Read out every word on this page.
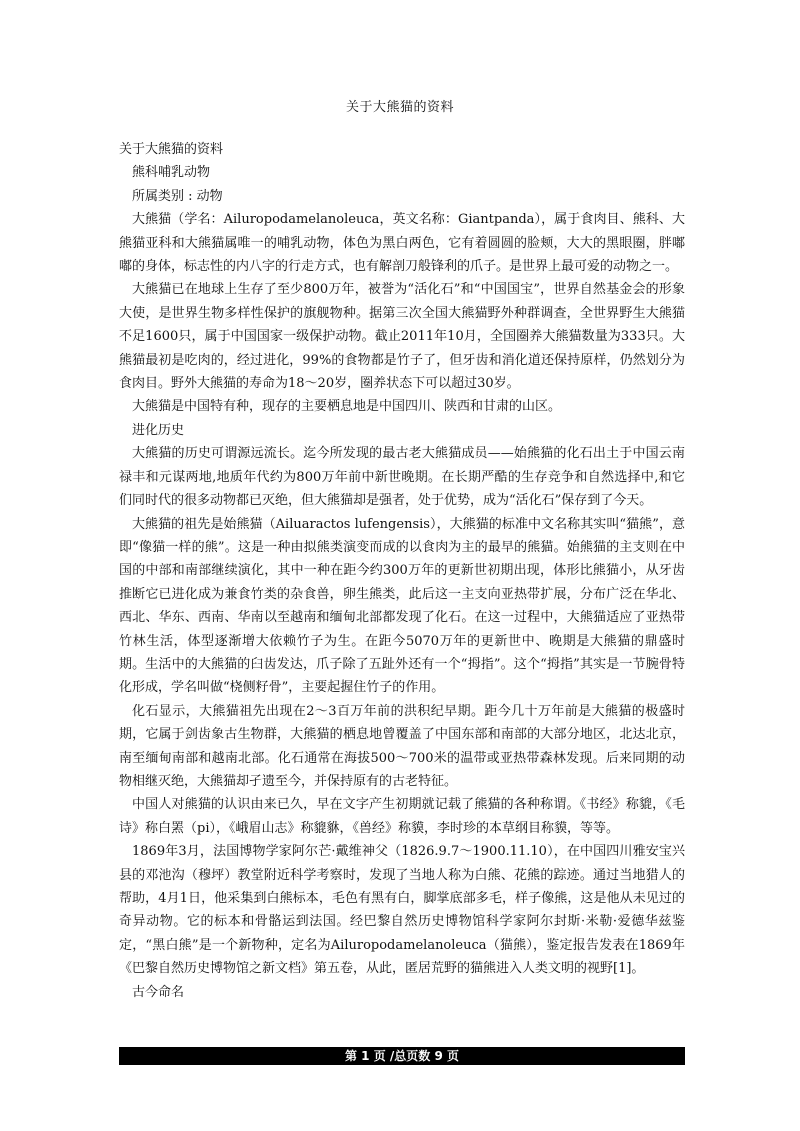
关于大熊猫的资料

关于大熊猫的资料

熊科哺乳动物

所属类别 : 动物

大熊猫（学名：Ailuropodamelanoleuca，英文名称：Giantpanda），属于食肉目、熊科、大熊猫亚科和大熊猫属唯一的哺乳动物，体色为黑白两色，它有着圆圆的脸颊，大大的黑眼圈，胖嘟嘟的身体，标志性的内八字的行走方式，也有解剖刀般锋利的爪子。是世界上最可爱的动物之一。

大熊猫已在地球上生存了至少800万年，被誉为“活化石”和“中国国宝”，世界自然基金会的形象大使，是世界生物多样性保护的旗舰物种。据第三次全国大熊猫野外种群调查，全世界野生大熊猫不足1600只，属于中国国家一级保护动物。截止2011年10月，全国圈养大熊猫数量为333只。大熊猫最初是吃肉的，经过进化，99%的食物都是竹子了，但牙齿和消化道还保持原样，仍然划分为食肉目。野外大熊猫的寿命为18～20岁，圈养状态下可以超过30岁。

大熊猫是中国特有种，现存的主要栖息地是中国四川、陕西和甘肃的山区。

进化历史

大熊猫的历史可谓源远流长。迄今所发现的最古老大熊猫成员——始熊猫的化石出土于中国云南禄丰和元谋两地,地质年代约为800万年前中新世晚期。在长期严酷的生存竞争和自然选择中,和它们同时代的很多动物都已灭绝，但大熊猫却是强者，处于优势，成为“活化石”保存到了今天。

大熊猫的祖先是始熊猫（Ailuaractos lufengensis），大熊猫的标准中文名称其实叫“猫熊”，意即“像猫一样的熊”。这是一种由拟熊类演变而成的以食肉为主的最早的熊猫。始熊猫的主支则在中国的中部和南部继续演化，其中一种在距今约300万年的更新世初期出现，体形比熊猫小，从牙齿推断它已进化成为兼食竹类的杂食兽，卵生熊类，此后这一主支向亚热带扩展，分布广泛在华北、西北、华东、西南、华南以至越南和缅甸北部都发现了化石。在这一过程中，大熊猫适应了亚热带竹林生活，体型逐渐增大依赖竹子为生。在距今5070万年的更新世中、晚期是大熊猫的鼎盛时期。生活中的大熊猫的臼齿发达，爪子除了五趾外还有一个“拇指”。这个“拇指”其实是一节腕骨特化形成，学名叫做“桡侧籽骨”，主要起握住竹子的作用。

化石显示，大熊猫祖先出现在2～3百万年前的洪积纪早期。距今几十万年前是大熊猫的极盛时期，它属于剑齿象古生物群，大熊猫的栖息地曾覆盖了中国东部和南部的大部分地区，北达北京，南至缅甸南部和越南北部。化石通常在海拔500～700米的温带或亚热带森林发现。后来同期的动物相继灭绝，大熊猫却孑遗至今，并保持原有的古老特征。

中国人对熊猫的认识由来已久，早在文字产生初期就记载了熊猫的各种称谓。《书经》称貔，《毛诗》称白罴（pi），《峨眉山志》称貔貅，《兽经》称貘，李时珍的本草纲目称貘，等等。

1869年3月，法国博物学家阿尔芒·戴维神父（1826.9.7～1900.11.10），在中国四川雅安宝兴县的邓池沟（穆坪）教堂附近科学考察时，发现了当地人称为白熊、花熊的踪迹。通过当地猎人的帮助，4月1日，他采集到白熊标本，毛色有黑有白，脚掌底部多毛，样子像熊，这是他从未见过的奇异动物。它的标本和骨骼运到法国。经巴黎自然历史博物馆科学家阿尔封斯·米勒·爱德华兹鉴定，“黑白熊”是一个新物种，定名为Ailuropodamelanoleuca（猫熊），鉴定报告发表在1869年《巴黎自然历史博物馆之新文档》第五卷，从此，匿居荒野的猫熊进入人类文明的视野[1]。

古今命名

第 1 页 /总页数 9 页
